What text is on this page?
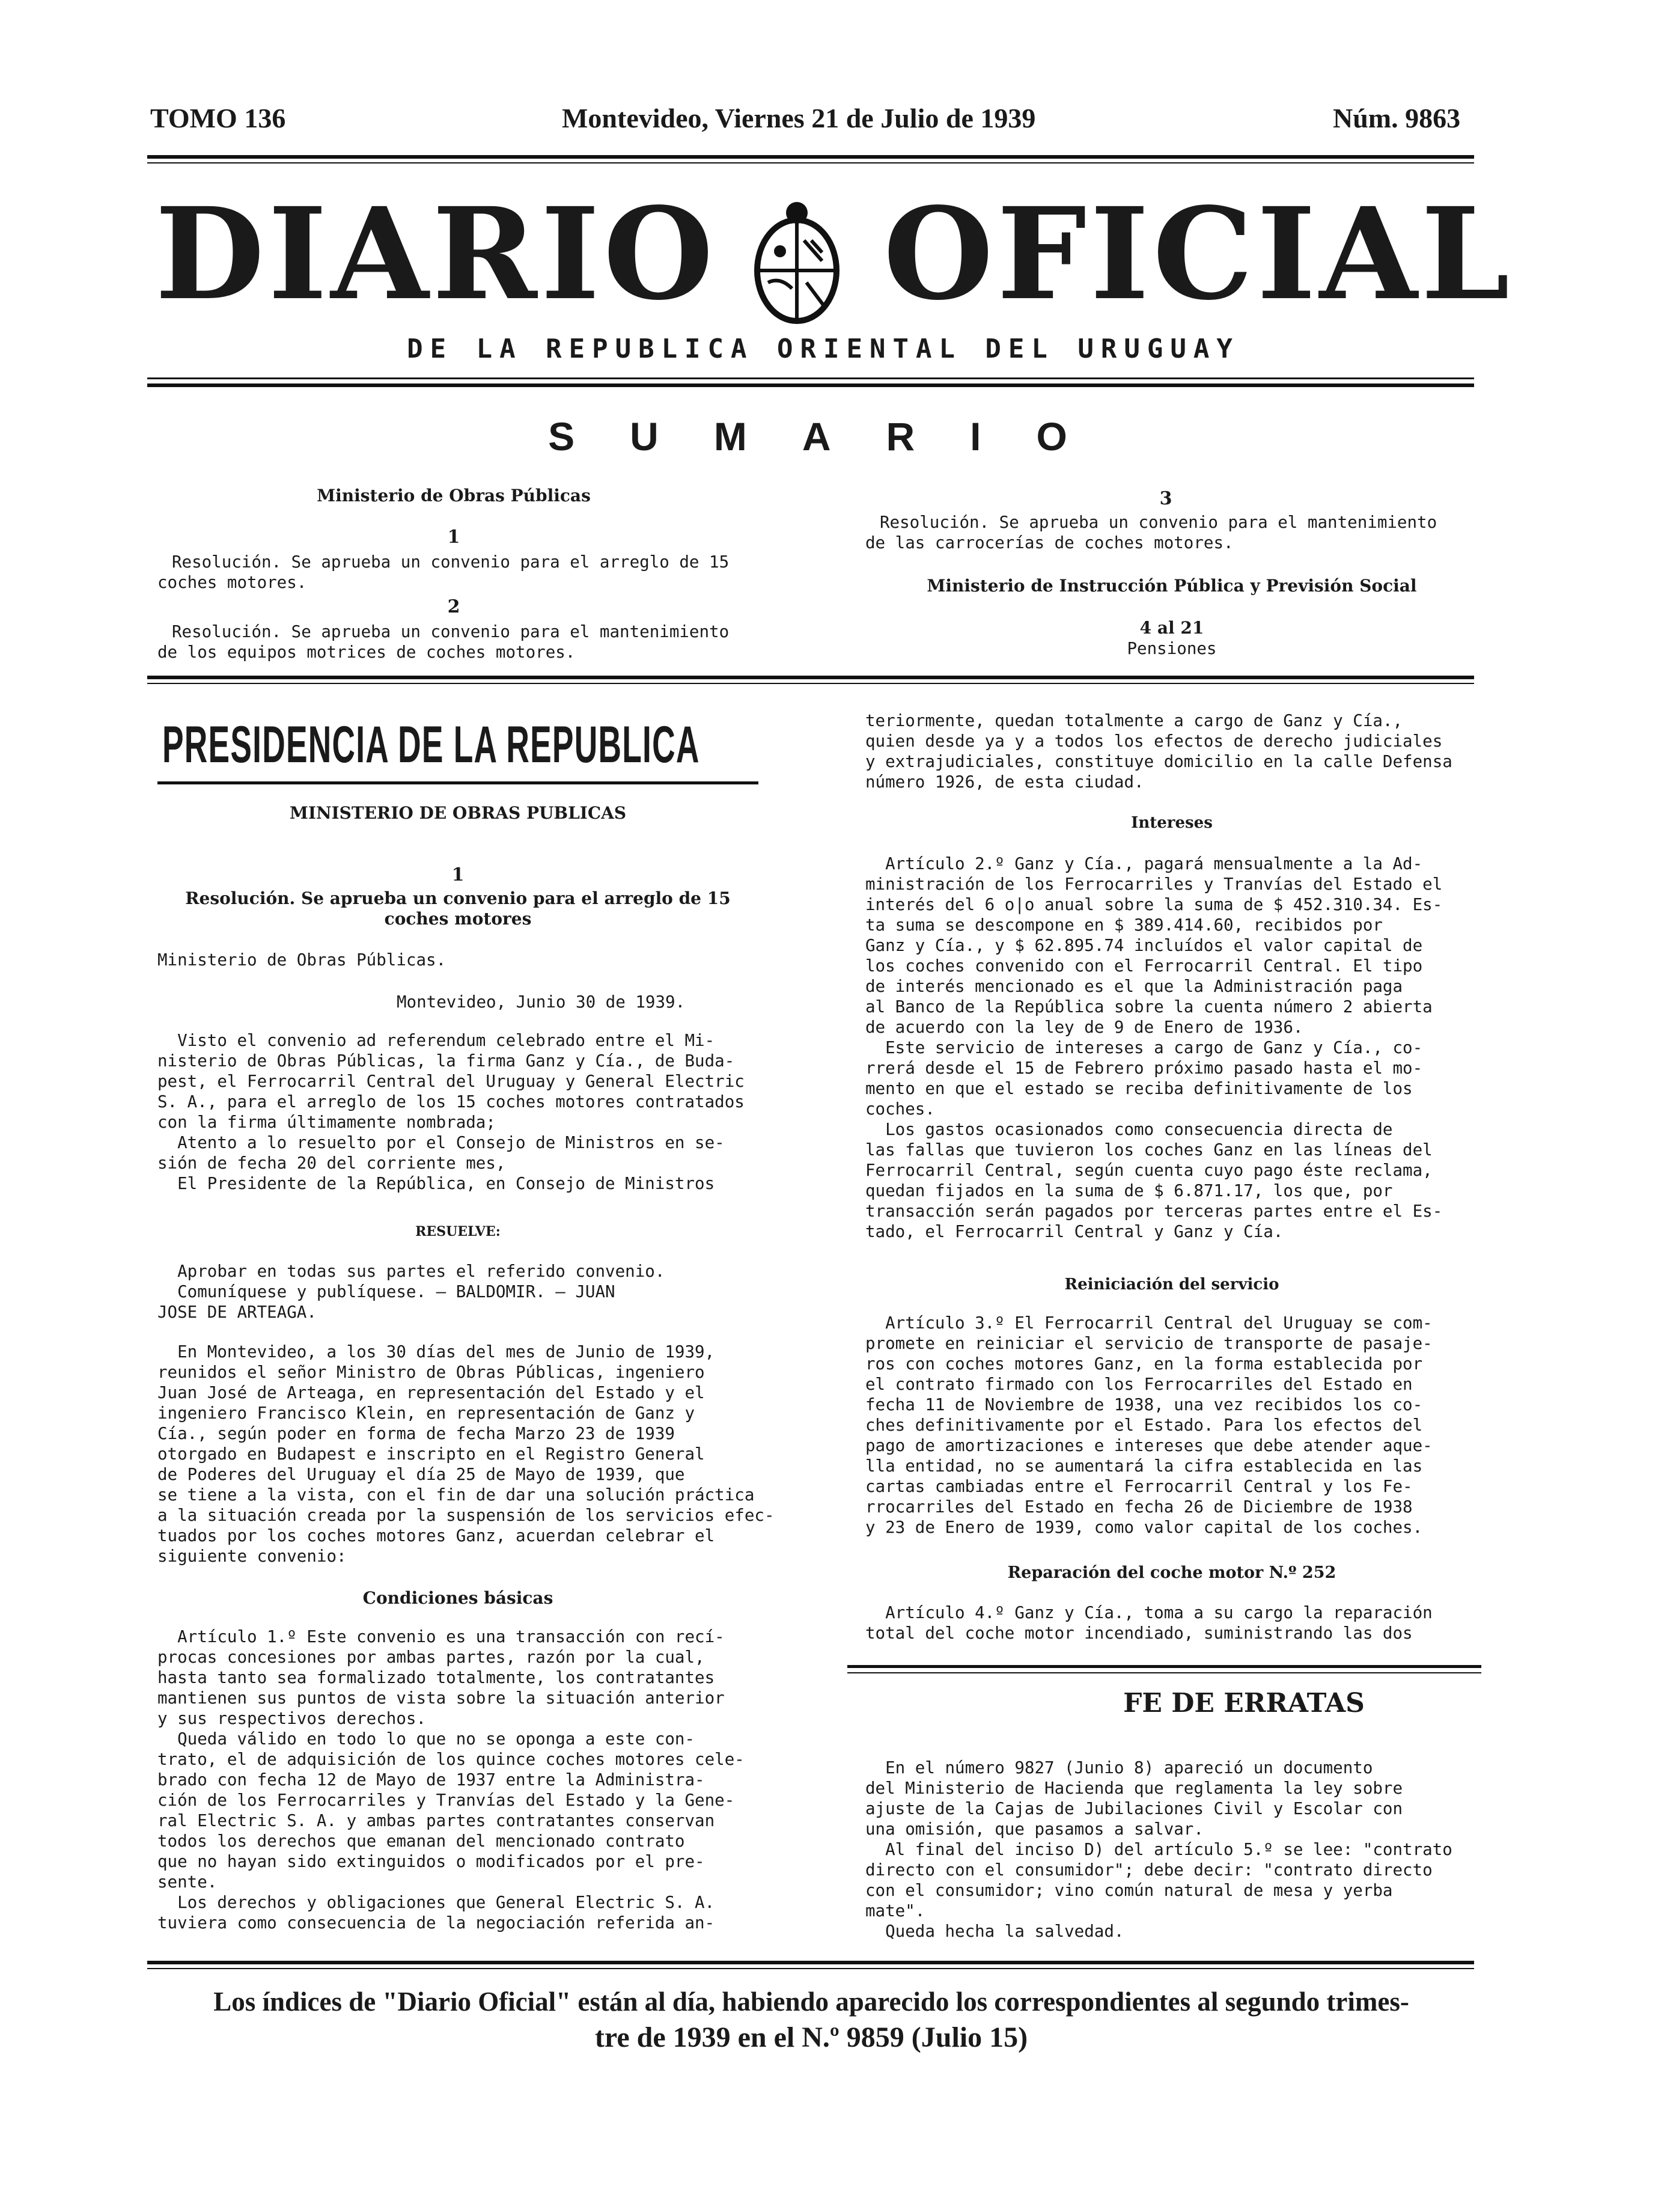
TOMO 136	Montevideo, Viernes 21 de Julio de 1939	Núm. 9863
DIARIO OFICIAL
DE LA REPUBLICA ORIENTAL DEL URUGUAY
SUMARIO
Ministerio de Obras Públicas
1
Resolución. Se aprueba un convenio para el arreglo de 15 coches motores.
2
Resolución. Se aprueba un convenio para el mantenimiento de los equipos motrices de coches motores.
3
Resolución. Se aprueba un convenio para el mantenimiento de las carrocerías de coches motores.
Ministerio de Instrucción Pública y Previsión Social
4 al 21
Pensiones
PRESIDENCIA DE LA REPUBLICA
MINISTERIO DE OBRAS PUBLICAS
1
Resolución. Se aprueba un convenio para el arreglo de 15
coches motores
Ministerio de Obras Públicas.
Montevideo, Junio 30 de 1939.
Visto el convenio ad referendum celebrado entre el Mi-
nisterio de Obras Públicas, la firma Ganz y Cía., de Buda-
pest, el Ferrocarril Central del Uruguay y General Electric
S. A., para el arreglo de los 15 coches motores contratados
con la firma últimamente nombrada;
Atento a lo resuelto por el Consejo de Ministros en se-
sión de fecha 20 del corriente mes,
El Presidente de la República, en Consejo de Ministros
RESUELVE:
Aprobar en todas sus partes el referido convenio.
Comuníquese y publíquese. — BALDOMIR. — JUAN
JOSE DE ARTEAGA.
En Montevideo, a los 30 días del mes de Junio de 1939,
reunidos el señor Ministro de Obras Públicas, ingeniero
Juan José de Arteaga, en representación del Estado y el
ingeniero Francisco Klein, en representación de Ganz y
Cía., según poder en forma de fecha Marzo 23 de 1939
otorgado en Budapest e inscripto en el Registro General
de Poderes del Uruguay el día 25 de Mayo de 1939, que
se tiene a la vista, con el fin de dar una solución práctica
a la situación creada por la suspensión de los servicios efec-
tuados por los coches motores Ganz, acuerdan celebrar el
siguiente convenio:
Condiciones básicas
Artículo 1.º Este convenio es una transacción con recí-
procas concesiones por ambas partes, razón por la cual,
hasta tanto sea formalizado totalmente, los contratantes
mantienen sus puntos de vista sobre la situación anterior
y sus respectivos derechos.
Queda válido en todo lo que no se oponga a este con-
trato, el de adquisición de los quince coches motores cele-
brado con fecha 12 de Mayo de 1937 entre la Administra-
ción de los Ferrocarriles y Tranvías del Estado y la Gene-
ral Electric S. A. y ambas partes contratantes conservan
todos los derechos que emanan del mencionado contrato
que no hayan sido extinguidos o modificados por el pre-
sente.
Los derechos y obligaciones que General Electric S. A.
tuviera como consecuencia de la negociación referida an-
teriormente, quedan totalmente a cargo de Ganz y Cía.,
quien desde ya y a todos los efectos de derecho judiciales
y extrajudiciales, constituye domicilio en la calle Defensa
número 1926, de esta ciudad.
Intereses
Artículo 2.º Ganz y Cía., pagará mensualmente a la Ad-
ministración de los Ferrocarriles y Tranvías del Estado el
interés del 6 o|o anual sobre la suma de $ 452.310.34. Es-
ta suma se descompone en $ 389.414.60, recibidos por
Ganz y Cía., y $ 62.895.74 incluídos el valor capital de
los coches convenido con el Ferrocarril Central. El tipo
de interés mencionado es el que la Administración paga
al Banco de la República sobre la cuenta número 2 abierta
de acuerdo con la ley de 9 de Enero de 1936.
Este servicio de intereses a cargo de Ganz y Cía., co-
rrerá desde el 15 de Febrero próximo pasado hasta el mo-
mento en que el estado se reciba definitivamente de los
coches.
Los gastos ocasionados como consecuencia directa de
las fallas que tuvieron los coches Ganz en las líneas del
Ferrocarril Central, según cuenta cuyo pago éste reclama,
quedan fijados en la suma de $ 6.871.17, los que, por
transacción serán pagados por terceras partes entre el Es-
tado, el Ferrocarril Central y Ganz y Cía.
Reiniciación del servicio
Artículo 3.º El Ferrocarril Central del Uruguay se com-
promete en reiniciar el servicio de transporte de pasaje-
ros con coches motores Ganz, en la forma establecida por
el contrato firmado con los Ferrocarriles del Estado en
fecha 11 de Noviembre de 1938, una vez recibidos los co-
ches definitivamente por el Estado. Para los efectos del
pago de amortizaciones e intereses que debe atender aque-
lla entidad, no se aumentará la cifra establecida en las
cartas cambiadas entre el Ferrocarril Central y los Fe-
rrocarriles del Estado en fecha 26 de Diciembre de 1938
y 23 de Enero de 1939, como valor capital de los coches.
Reparación del coche motor N.º 252
Artículo 4.º Ganz y Cía., toma a su cargo la reparación
total del coche motor incendiado, suministrando las dos
FE DE ERRATAS
En el número 9827 (Junio 8) apareció un documento
del Ministerio de Hacienda que reglamenta la ley sobre
ajuste de la Cajas de Jubilaciones Civil y Escolar con
una omisión, que pasamos a salvar.
Al final del inciso D) del artículo 5.º se lee: "contrato
directo con el consumidor"; debe decir: "contrato directo
con el consumidor; vino común natural de mesa y yerba
mate".
Queda hecha la salvedad.
Los índices de "Diario Oficial" están al día, habiendo aparecido los correspondientes al segundo trimes-
tre de 1939 en el N.º 9859 (Julio 15)
